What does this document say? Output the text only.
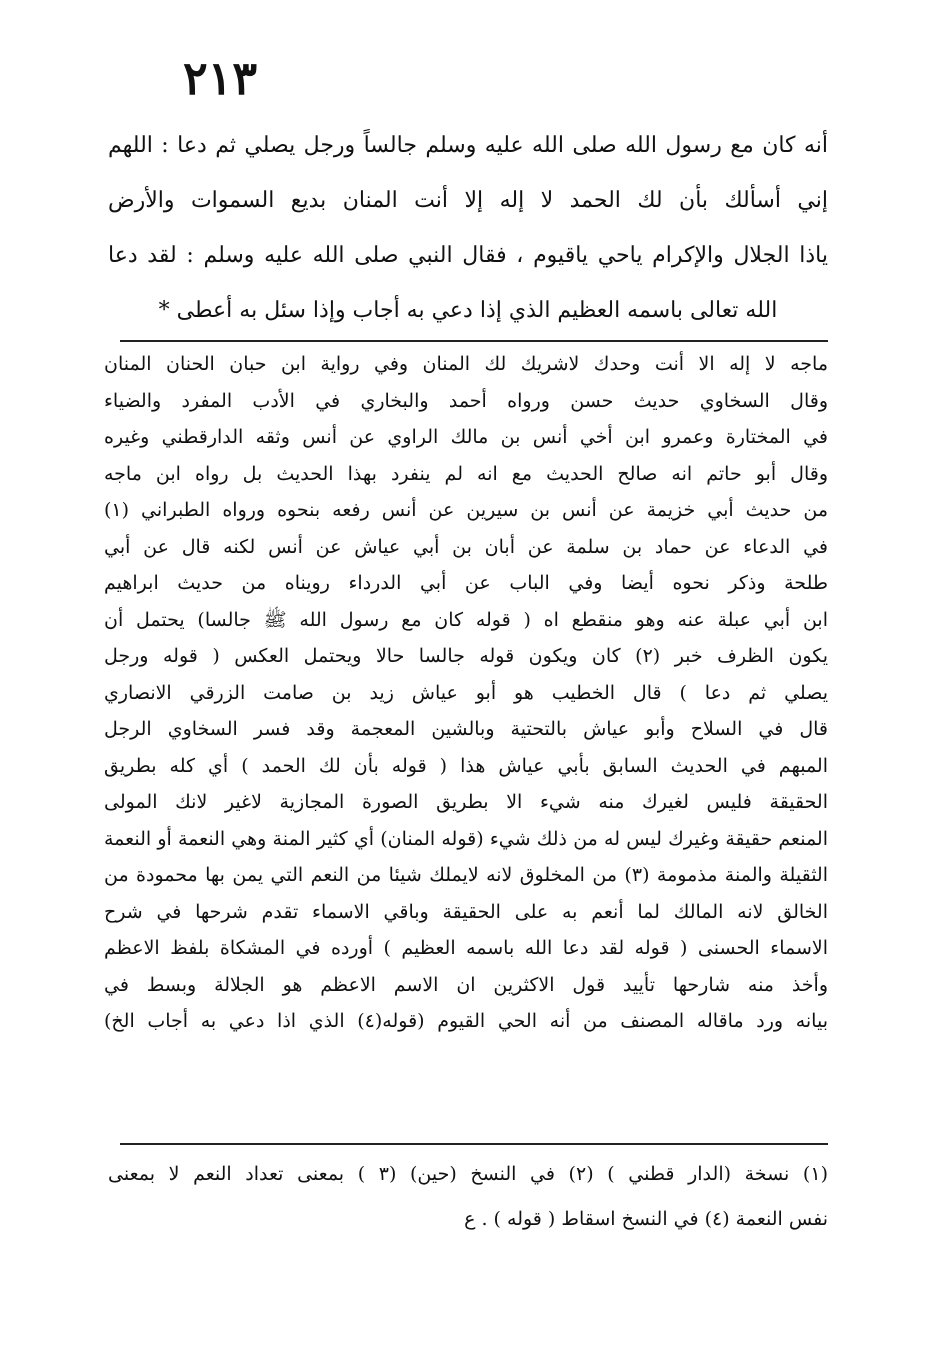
٢١٣
أنه كان مع رسول الله صلى الله عليه وسلم جالساً ورجل يصلي ثم دعا : اللهم
إني أسألك بأن لك الحمد لا إله إلا أنت المنان بديع السموات والأرض
ياذا الجلال والإكرام ياحي ياقيوم ، فقال النبي صلى الله عليه وسلم : لقد دعا
الله تعالى باسمه العظيم الذي إذا دعي به أجاب وإذا سئل به أعطى *
ماجه لا إله الا أنت وحدك لاشريك لك المنان وفي رواية ابن حبان الحنان المنان
وقال السخاوي حديث حسن ورواه أحمد والبخاري في الأدب المفرد والضياء
في المختارة وعمرو ابن أخي أنس بن مالك الراوي عن أنس وثقه الدارقطني وغيره
وقال أبو حاتم انه صالح الحديث مع انه لم ينفرد بهذا الحديث بل رواه ابن ماجه
من حديث أبي خزيمة عن أنس بن سيرين عن أنس رفعه بنحوه ورواه الطبراني (١)
في الدعاء عن حماد بن سلمة عن أبان بن أبي عياش عن أنس لكنه قال عن أبي
طلحة وذكر نحوه أيضا وفي الباب عن أبي الدرداء رويناه من حديث ابراهيم
ابن أبي عبلة عنه وهو منقطع اه ( قوله كان مع رسول الله ﷺ جالسا) يحتمل أن
يكون الظرف خبر (٢) كان ويكون قوله جالسا حالا ويحتمل العكس ( قوله ورجل
يصلي ثم دعا ) قال الخطيب هو أبو عياش زيد بن صامت الزرقي الانصاري
قال في السلاح وأبو عياش بالتحتية وبالشين المعجمة وقد فسر السخاوي الرجل
المبهم في الحديث السابق بأبي عياش هذا ( قوله بأن لك الحمد ) أي كله بطريق
الحقيقة فليس لغيرك منه شيء الا بطريق الصورة المجازية لاغير لانك المولى
المنعم حقيقة وغيرك ليس له من ذلك شيء (قوله المنان) أي كثير المنة وهي النعمة أو النعمة
الثقيلة والمنة مذمومة (٣) من المخلوق لانه لايملك شيئا من النعم التي يمن بها محمودة من
الخالق لانه المالك لما أنعم به على الحقيقة وباقي الاسماء تقدم شرحها في شرح
الاسماء الحسنى ( قوله لقد دعا الله باسمه العظيم ) أورده في المشكاة بلفظ الاعظم
وأخذ منه شارحها تأييد قول الاكثرين ان الاسم الاعظم هو الجلالة وبسط في
بيانه ورد ماقاله المصنف من أنه الحي القيوم (قوله(٤) الذي اذا دعي به أجاب الخ)
(١) نسخة (الدار قطني ) (٢) في النسخ (حين) (٣ ) بمعنى تعداد النعم لا بمعنى
نفس النعمة (٤) في النسخ اسقاط ( قوله ) . ع
